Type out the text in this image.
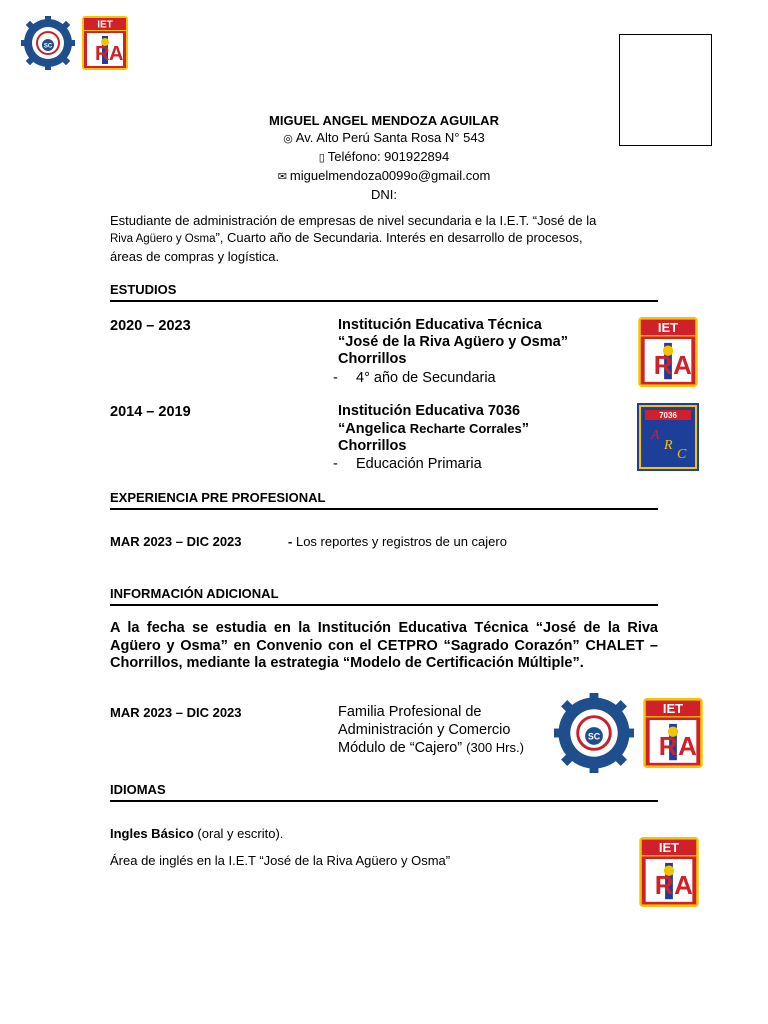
SC R A
MIGUEL ANGEL MENDOZA AGUILAR
◎ Av. Alto Perú Santa Rosa N° 543
▯ Teléfono: 901922894
✉ miguelmendoza0099o@gmail.com
DNI:
Estudiante de administración de empresas de nivel secundaria e la I.E.T. “José de la
Riva Agüero y Osma”, Cuarto año de Secundaria. Interés en desarrollo de procesos,
áreas de compras y logística.
ESTUDIOS
2020 – 2023	Institución Educativa Técnica
“José de la Riva Agüero y Osma”
Chorrillos
- 4° año de Secundaria	R A
2014 – 2019	Institución Educativa 7036
“Angelica Recharte Corrales”
Chorrillos
- Educación Primaria
7036
A
R
C
EXPERIENCIA PRE PROFESIONAL
MAR 2023 – DIC 2023	- Los reportes y registros de un cajero
INFORMACIÓN ADICIONAL
A la fecha se estudia en la Institución Educativa Técnica “José de la Riva Agüero y Osma” en Convenio con el CETPRO “Sagrado Corazón” CHALET – Chorrillos, mediante la estrategia “Modelo de Certificación Múltiple”.
MAR 2023 – DIC 2023	Familia Profesional de
Administración y Comercio
Módulo de “Cajero” (300 Hrs.)
SC	R A
IDIOMAS
Ingles Básico (oral y escrito).
Área de inglés en la I.E.T “José de la Riva Agüero y Osma”
R A
